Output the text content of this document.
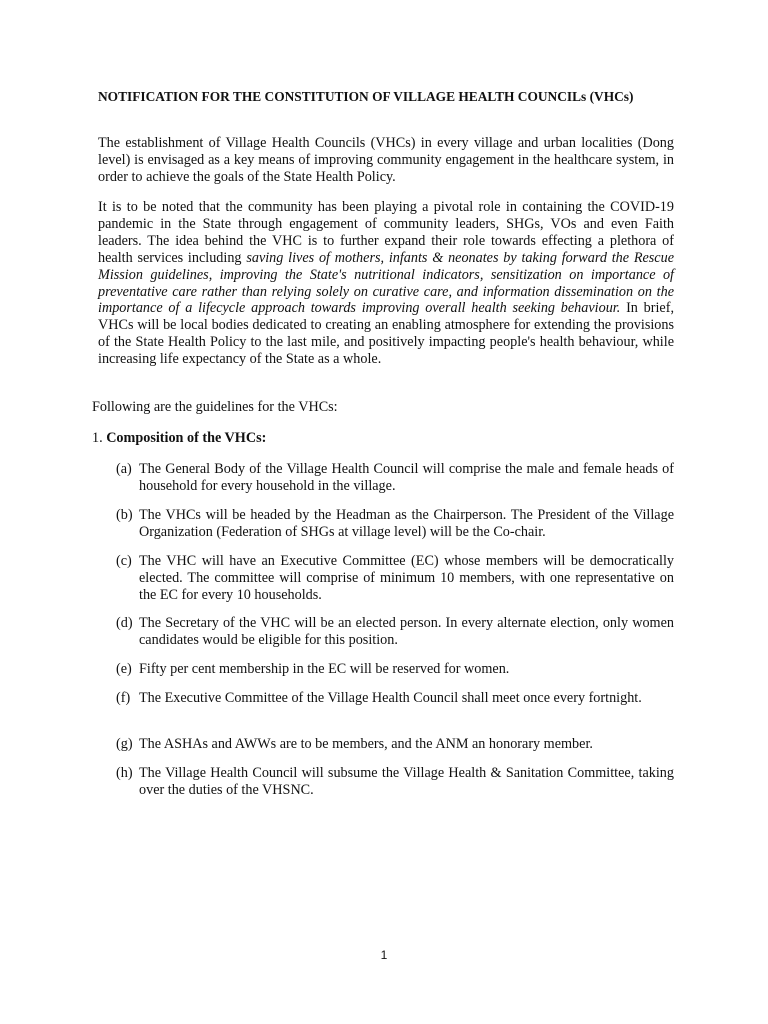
NOTIFICATION FOR THE CONSTITUTION OF VILLAGE HEALTH COUNCILs (VHCs)

The establishment of Village Health Councils (VHCs) in every village and urban localities (Dong level) is envisaged as a key means of improving community engagement in the healthcare system, in order to achieve the goals of the State Health Policy.

It is to be noted that the community has been playing a pivotal role in containing the COVID-19 pandemic in the State through engagement of community leaders, SHGs, VOs and even Faith leaders. The idea behind the VHC is to further expand their role towards effecting a plethora of health services including saving lives of mothers, infants & neonates by taking forward the Rescue Mission guidelines, improving the State's nutritional indicators, sensitization on importance of preventative care rather than relying solely on curative care, and information dissemination on the importance of a lifecycle approach towards improving overall health seeking behaviour. In brief, VHCs will be local bodies dedicated to creating an enabling atmosphere for extending the provisions of the State Health Policy to the last mile, and positively impacting people's health behaviour, while increasing life expectancy of the State as a whole.

Following are the guidelines for the VHCs:
1. Composition of the VHCs:
(a) The General Body of the Village Health Council will comprise the male and female heads of household for every household in the village.
(b) The VHCs will be headed by the Headman as the Chairperson. The President of the Village Organization (Federation of SHGs at village level) will be the Co-chair.
(c) The VHC will have an Executive Committee (EC) whose members will be democratically elected. The committee will comprise of minimum 10 members, with one representative on the EC for every 10 households.
(d) The Secretary of the VHC will be an elected person. In every alternate election, only women candidates would be eligible for this position.
(e) Fifty per cent membership in the EC will be reserved for women.
(f) The Executive Committee of the Village Health Council shall meet once every fortnight.
(g) The ASHAs and AWWs are to be members, and the ANM an honorary member.
(h) The Village Health Council will subsume the Village Health & Sanitation Committee, taking over the duties of the VHSNC.
1
